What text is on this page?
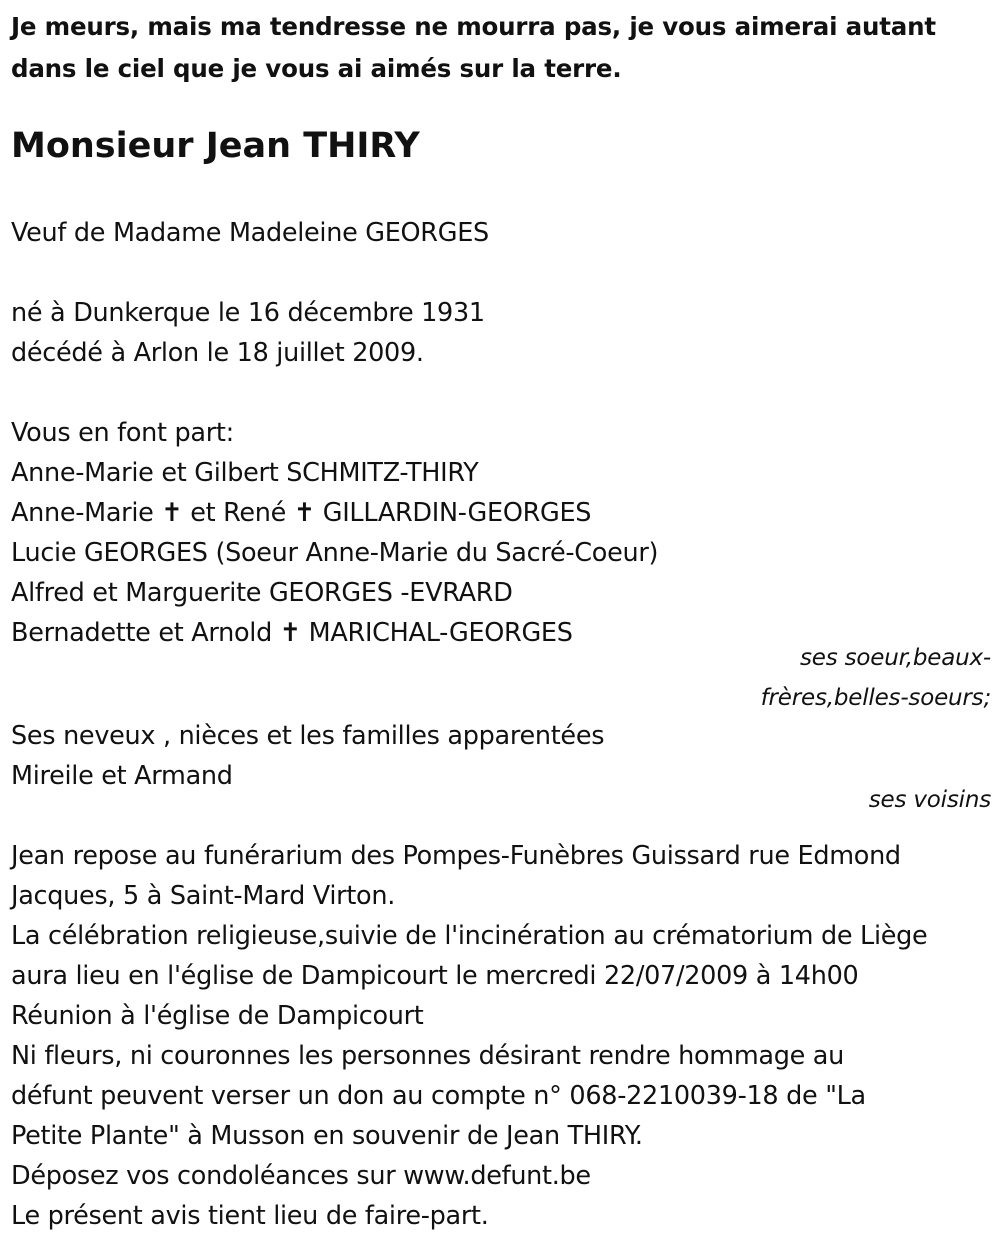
Je meurs, mais ma tendresse ne mourra pas, je vous aimerai autant
dans le ciel que je vous ai aimés sur la terre.
Monsieur Jean THIRY
Veuf de Madame Madeleine GEORGES
né à Dunkerque le 16 décembre 1931
décédé à Arlon le 18 juillet 2009.
Vous en font part:
Anne-Marie et Gilbert SCHMITZ-THIRY
Anne-Marie ✝ et René ✝ GILLARDIN-GEORGES
Lucie GEORGES (Soeur Anne-Marie du Sacré-Coeur)
Alfred et Marguerite GEORGES -EVRARD
Bernadette et Arnold ✝ MARICHAL-GEORGES
ses soeur,beaux-
frères,belles-soeurs;
Ses neveux , nièces et les familles apparentées
Mireile et Armand
ses voisins
Jean repose au funérarium des Pompes-Funèbres Guissard rue Edmond
Jacques, 5 à Saint-Mard Virton.
La célébration religieuse,suivie de l'incinération au crématorium de Liège
aura lieu en l'église de Dampicourt le mercredi 22/07/2009 à 14h00
Réunion à l'église de Dampicourt
Ni fleurs, ni couronnes les personnes désirant rendre hommage au
défunt peuvent verser un don au compte n° 068-2210039-18 de "La
Petite Plante" à Musson en souvenir de Jean THIRY.
Déposez vos condoléances sur www.defunt.be
Le présent avis tient lieu de faire-part.
